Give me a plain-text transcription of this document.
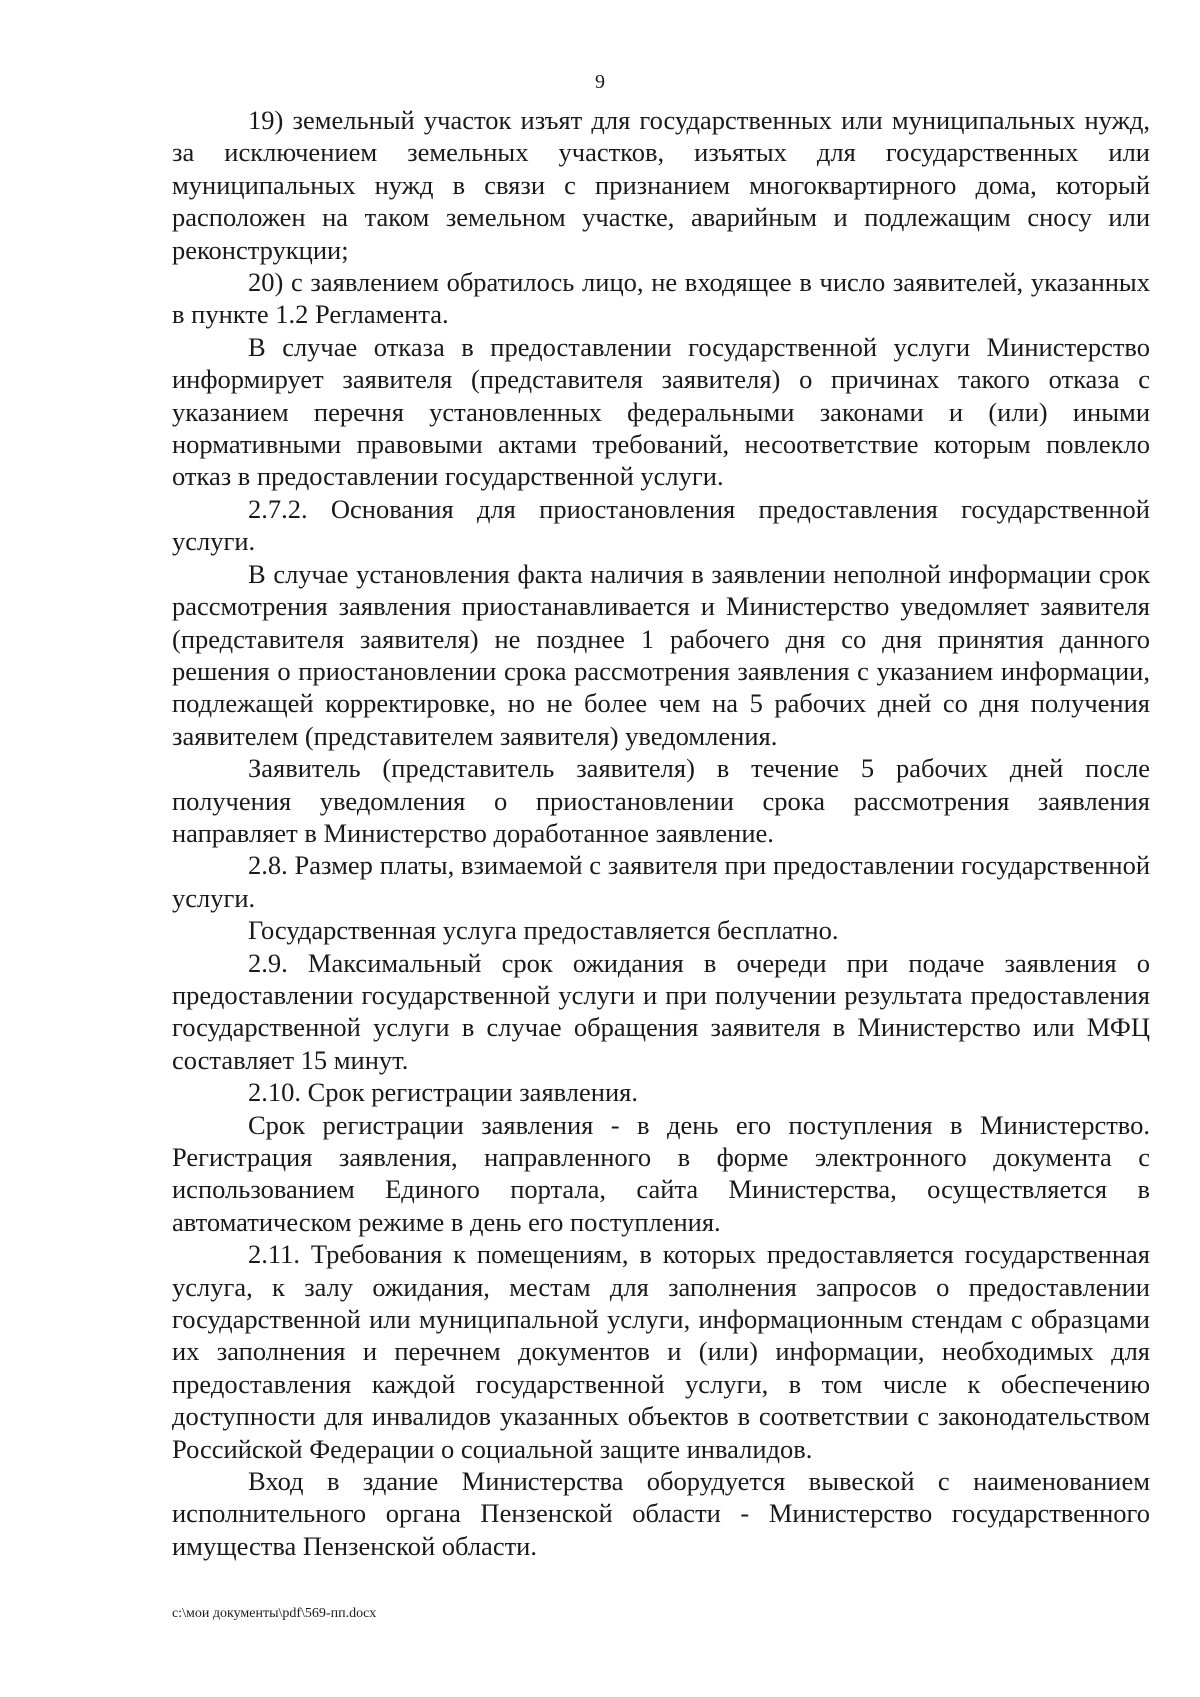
9

19) земельный участок изъят для государственных или муниципальных нужд, за исключением земельных участков, изъятых для государственных или муниципальных нужд в связи с признанием многоквартирного дома, который расположен на таком земельном участке, аварийным и подлежащим сносу или реконструкции;

20) с заявлением обратилось лицо, не входящее в число заявителей, указанных в пункте 1.2 Регламента.

В случае отказа в предоставлении государственной услуги Министерство информирует заявителя (представителя заявителя) о причинах такого отказа с указанием перечня установленных федеральными законами и (или) иными нормативными правовыми актами требований, несоответствие которым повлекло отказ в предоставлении государственной услуги.

2.7.2. Основания для приостановления предоставления государственной услуги.

В случае установления факта наличия в заявлении неполной информации срок рассмотрения заявления приостанавливается и Министерство уведомляет заявителя (представителя заявителя) не позднее 1 рабочего дня со дня принятия данного решения о приостановлении срока рассмотрения заявления с указанием информации, подлежащей корректировке, но не более чем на 5 рабочих дней со дня получения заявителем (представителем заявителя) уведомления.

Заявитель (представитель заявителя) в течение 5 рабочих дней после получения уведомления о приостановлении срока рассмотрения заявления направляет в Министерство доработанное заявление.

2.8. Размер платы, взимаемой с заявителя при предоставлении государственной услуги.

Государственная услуга предоставляется бесплатно.

2.9. Максимальный срок ожидания в очереди при подаче заявления о предоставлении государственной услуги и при получении результата предоставления государственной услуги в случае обращения заявителя в Министерство или МФЦ составляет 15 минут.

2.10. Срок регистрации заявления.

Срок регистрации заявления - в день его поступления в Министерство. Регистрация заявления, направленного в форме электронного документа с использованием Единого портала, сайта Министерства, осуществляется в автоматическом режиме в день его поступления.

2.11. Требования к помещениям, в которых предоставляется государственная услуга, к залу ожидания, местам для заполнения запросов о предоставлении государственной или муниципальной услуги, информационным стендам с образцами их заполнения и перечнем документов и (или) информации, необходимых для предоставления каждой государственной услуги, в том числе к обеспечению доступности для инвалидов указанных объектов в соответствии с законодательством Российской Федерации о социальной защите инвалидов.

Вход в здание Министерства оборудуется вывеской с наименованием исполнительного органа Пензенской области - Министерство государственного имущества Пензенской области.

c:\мои документы\pdf\569-пп.docx
